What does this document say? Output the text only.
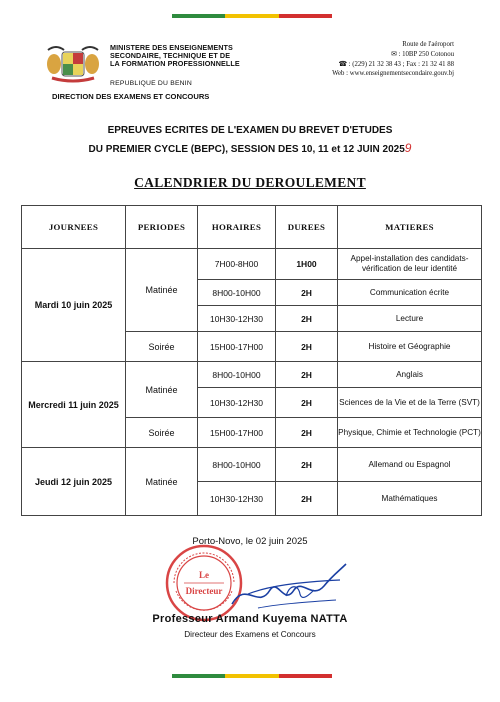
MINISTERE DES ENSEIGNEMENTS
SECONDAIRE, TECHNIQUE ET DE
LA FORMATION PROFESSIONNELLE
REPUBLIQUE DU BENIN
DIRECTION DES EXAMENS ET CONCOURS
Route de l'aéroport
✉ : 10BP 250 Cotonou
☎ : (229) 21 32 38 43 ; Fax : 21 32 41 88
Web : www.enseignementsecondaire.gouv.bj
EPREUVES ECRITES DE L'EXAMEN DU BREVET D'ETUDES
DU PREMIER CYCLE (BEPC), SESSION DES 10, 11 et 12 JUIN 20259
CALENDRIER DU DEROULEMENT
JOURNEES	PERIODES	HORAIRES	DUREES	MATIERES
Mardi 10 juin 2025	Matinée	7H00-8H00	1H00	Appel-installation des candidats-vérification de leur identité
		8H00-10H00	2H	Communication écrite
		10H30-12H30	2H	Lecture
	Soirée	15H00-17H00	2H	Histoire et Géographie
Mercredi 11 juin 2025	Matinée	8H00-10H00	2H	Anglais
		10H30-12H30	2H	Sciences de la Vie et de la Terre (SVT)
	Soirée	15H00-17H00	2H	Physique, Chimie et Technologie (PCT)
Jeudi 12 juin 2025	Matinée	8H00-10H00	2H	Allemand ou Espagnol
		10H30-12H30	2H	Mathématiques
Porto-Novo, le 02 juin 2025
Le
Directeur
Professeur Armand Kuyema NATTA
Directeur des Examens et Concours
